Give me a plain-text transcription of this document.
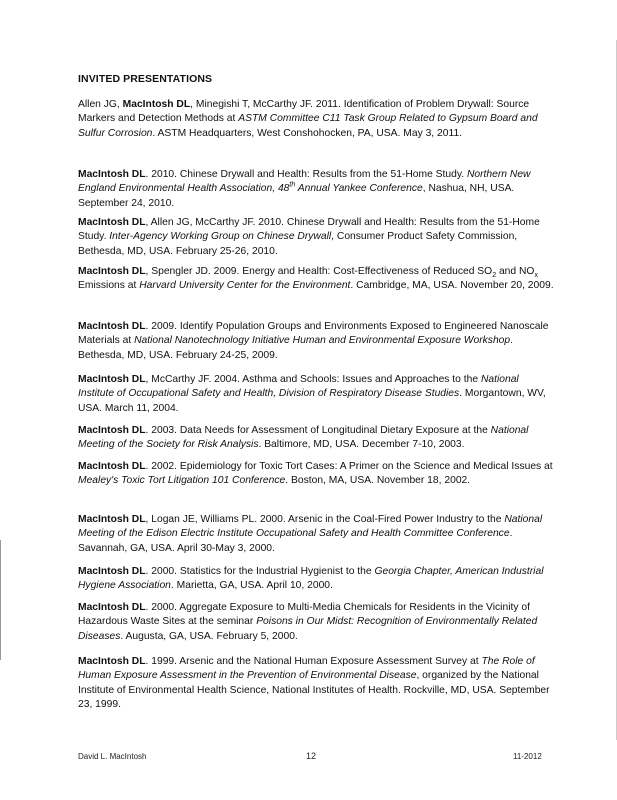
INVITED PRESENTATIONS
Allen JG, MacIntosh DL, Minegishi T, McCarthy JF. 2011. Identification of Problem Drywall: Source Markers and Detection Methods at ASTM Committee C11 Task Group Related to Gypsum Board and Sulfur Corrosion. ASTM Headquarters, West Conshohocken, PA, USA. May 3, 2011.
MacIntosh DL. 2010. Chinese Drywall and Health: Results from the 51-Home Study. Northern New England Environmental Health Association, 48th Annual Yankee Conference, Nashua, NH, USA. September 24, 2010.
MacIntosh DL, Allen JG, McCarthy JF. 2010. Chinese Drywall and Health: Results from the 51-Home Study. Inter-Agency Working Group on Chinese Drywall, Consumer Product Safety Commission, Bethesda, MD, USA. February 25-26, 2010.
MacIntosh DL, Spengler JD. 2009. Energy and Health: Cost-Effectiveness of Reduced $SO_2$ and $NO_x$ Emissions at Harvard University Center for the Environment. Cambridge, MA, USA. November 20, 2009.
MacIntosh DL. 2009. Identify Population Groups and Environments Exposed to Engineered Nanoscale Materials at National Nanotechnology Initiative Human and Environmental Exposure Workshop. Bethesda, MD, USA. February 24-25, 2009.
MacIntosh DL, McCarthy JF. 2004. Asthma and Schools: Issues and Approaches to the National Institute of Occupational Safety and Health, Division of Respiratory Disease Studies. Morgantown, WV, USA. March 11, 2004.
MacIntosh DL. 2003. Data Needs for Assessment of Longitudinal Dietary Exposure at the National Meeting of the Society for Risk Analysis. Baltimore, MD, USA. December 7-10, 2003.
MacIntosh DL. 2002. Epidemiology for Toxic Tort Cases: A Primer on the Science and Medical Issues at Mealey's Toxic Tort Litigation 101 Conference. Boston, MA, USA. November 18, 2002.
MacIntosh DL, Logan JE, Williams PL. 2000. Arsenic in the Coal-Fired Power Industry to the National Meeting of the Edison Electric Institute Occupational Safety and Health Committee Conference. Savannah, GA, USA. April 30-May 3, 2000.
MacIntosh DL. 2000. Statistics for the Industrial Hygienist to the Georgia Chapter, American Industrial Hygiene Association. Marietta, GA, USA. April 10, 2000.
MacIntosh DL. 2000. Aggregate Exposure to Multi-Media Chemicals for Residents in the Vicinity of Hazardous Waste Sites at the seminar Poisons in Our Midst: Recognition of Environmentally Related Diseases. Augusta, GA, USA. February 5, 2000.
MacIntosh DL. 1999. Arsenic and the National Human Exposure Assessment Survey at The Role of Human Exposure Assessment in the Prevention of Environmental Disease, organized by the National Institute of Environmental Health Science, National Institutes of Health. Rockville, MD, USA. September 23, 1999.
David L. MacIntosh	12	11-2012
